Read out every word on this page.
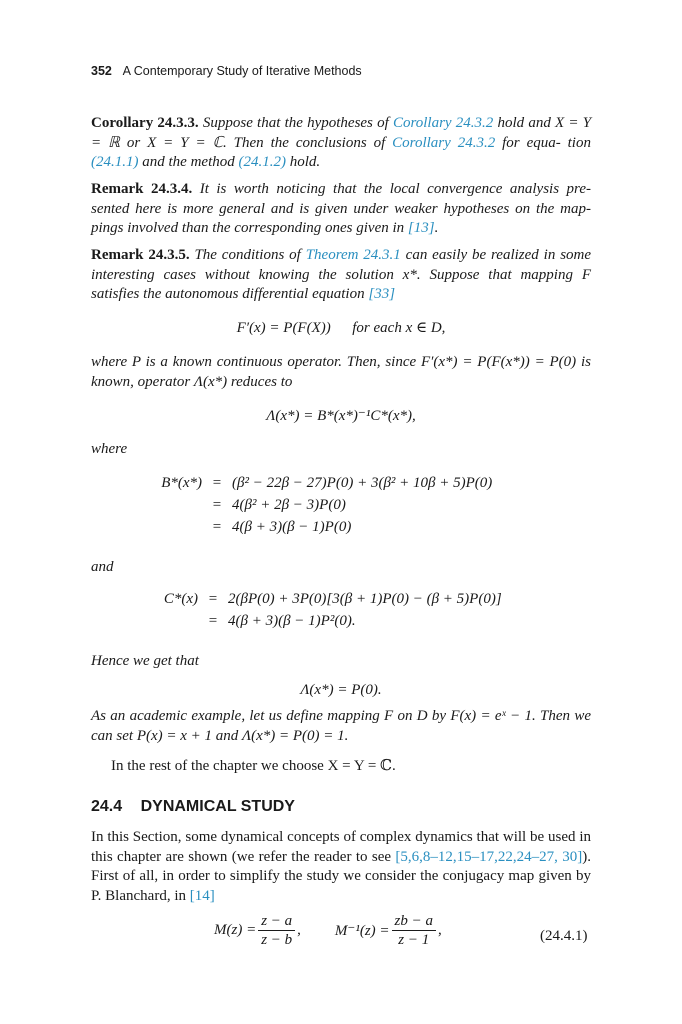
352 A Contemporary Study of Iterative Methods
Corollary 24.3.3. Suppose that the hypotheses of Corollary 24.3.2 hold and X = Y = ℝ or X = Y = ℂ. Then the conclusions of Corollary 24.3.2 for equa- tion (24.1.1) and the method (24.1.2) hold.
Remark 24.3.4. It is worth noticing that the local convergence analysis pre- sented here is more general and is given under weaker hypotheses on the map- pings involved than the corresponding ones given in [13].
Remark 24.3.5. The conditions of Theorem 24.3.1 can easily be realized in some interesting cases without knowing the solution x*. Suppose that mapping F satisfies the autonomous differential equation [33]
F′(x) = P(F(X)) for each x ∈ D,
where P is a known continuous operator. Then, since F′(x*) = P(F(x*)) = P(0) is known, operator Λ(x*) reduces to
Λ(x*) = B*(x*)⁻¹C*(x*),
where
B*(x*) = (β² − 22β − 27)P(0) + 3(β² + 10β + 5)P(0)
= 4(β² + 2β − 3)P(0)
= 4(β + 3)(β − 1)P(0)
and
C*(x) = 2(βP(0) + 3P(0)[3(β + 1)P(0) − (β + 5)P(0)]
= 4(β + 3)(β − 1)P²(0).
Hence we get that
Λ(x*) = P(0).
As an academic example, let us define mapping F on D by F(x) = eˣ − 1. Then we can set P(x) = x + 1 and Λ(x*) = P(0) = 1.
In the rest of the chapter we choose X = Y = ℂ.
24.4 DYNAMICAL STUDY
In this Section, some dynamical concepts of complex dynamics that will be used in this chapter are shown (we refer the reader to see [5,6,8–12,15–17,22,24–27, 30]). First of all, in order to simplify the study we consider the conjugacy map given by P. Blanchard, in [14]
$M(z) = \frac{z - a}{z - b}$ , $M^{-1}(z) = \frac{zb - a}{z - 1}$ ,	(24.4.1)
